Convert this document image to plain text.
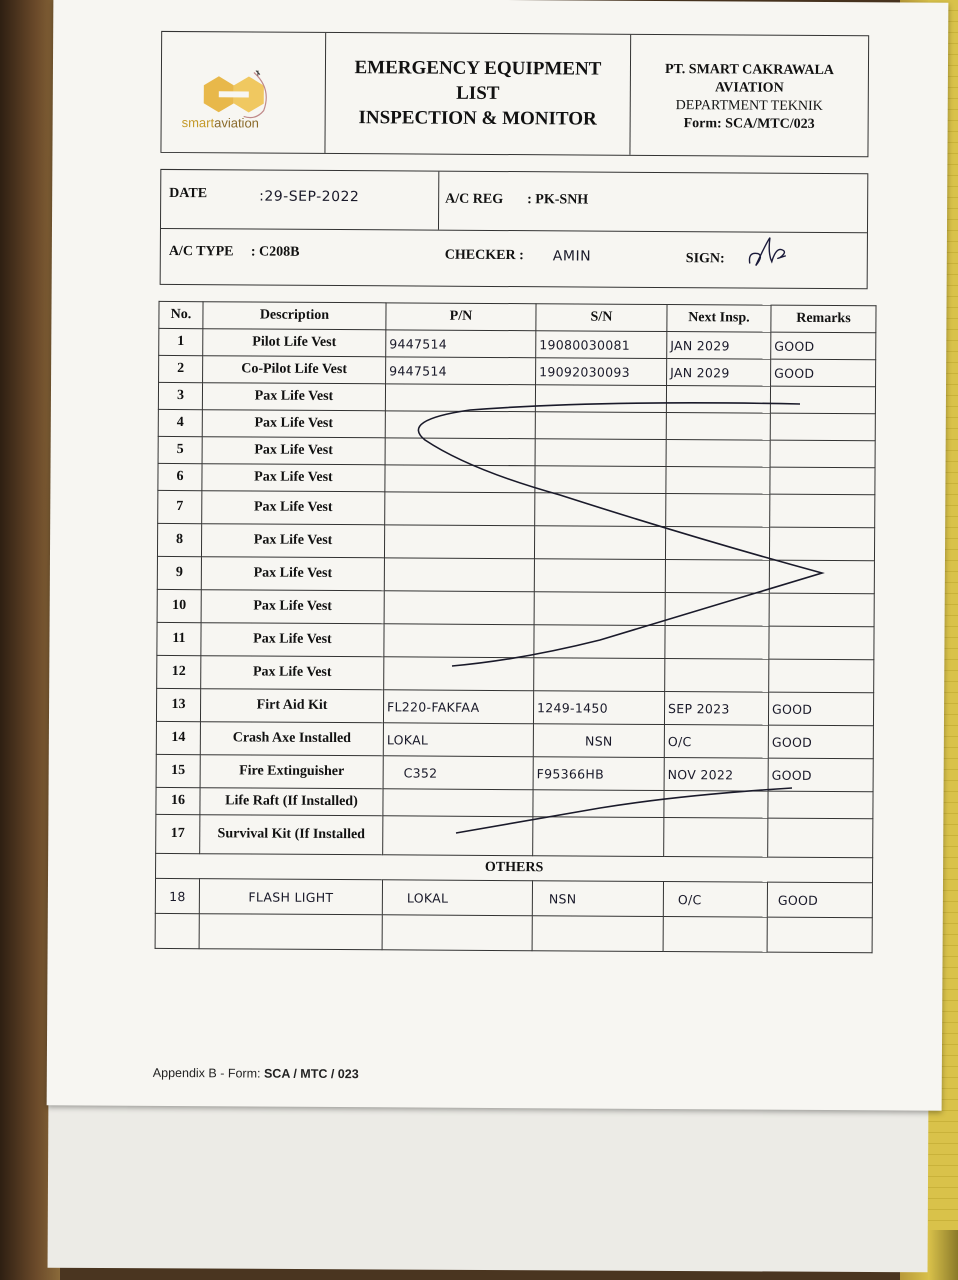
smartaviation
EMERGENCY EQUIPMENT
LIST
INSPECTION & MONITOR
PT. SMART CAKRAWALA
AVIATION
DEPARTMENT TEKNIK
Form: SCA/MTC/023
DATE	:29-SEP-2022	A/C REG : PK-SNH
A/C TYPE : C208B	CHECKER : AMIN	SIGN:
No.	Description	P/N	S/N	Next Insp.	Remarks
1	Pilot Life Vest	9447514	19080030081	JAN 2029	GOOD
2	Co-Pilot Life Vest	9447514	19092030093	JAN 2029	GOOD
3	Pax Life Vest				
4	Pax Life Vest				
5	Pax Life Vest				
6	Pax Life Vest				
7	Pax Life Vest				
8	Pax Life Vest				
9	Pax Life Vest				
10	Pax Life Vest				
11	Pax Life Vest				
12	Pax Life Vest				
13	Firt Aid Kit	FL220-FAKFAA	1249-1450	SEP 2023	GOOD
14	Crash Axe Installed	LOKAL	NSN	O/C	GOOD
15	Fire Extinguisher	C352	F95366HB	NOV 2022	GOOD
16	Life Raft (If Installed)				
17	Survival Kit (If Installed				
OTHERS					
18	FLASH LIGHT	LOKAL	NSN	O/C	GOOD

Appendix B - Form: SCA / MTC / 023
